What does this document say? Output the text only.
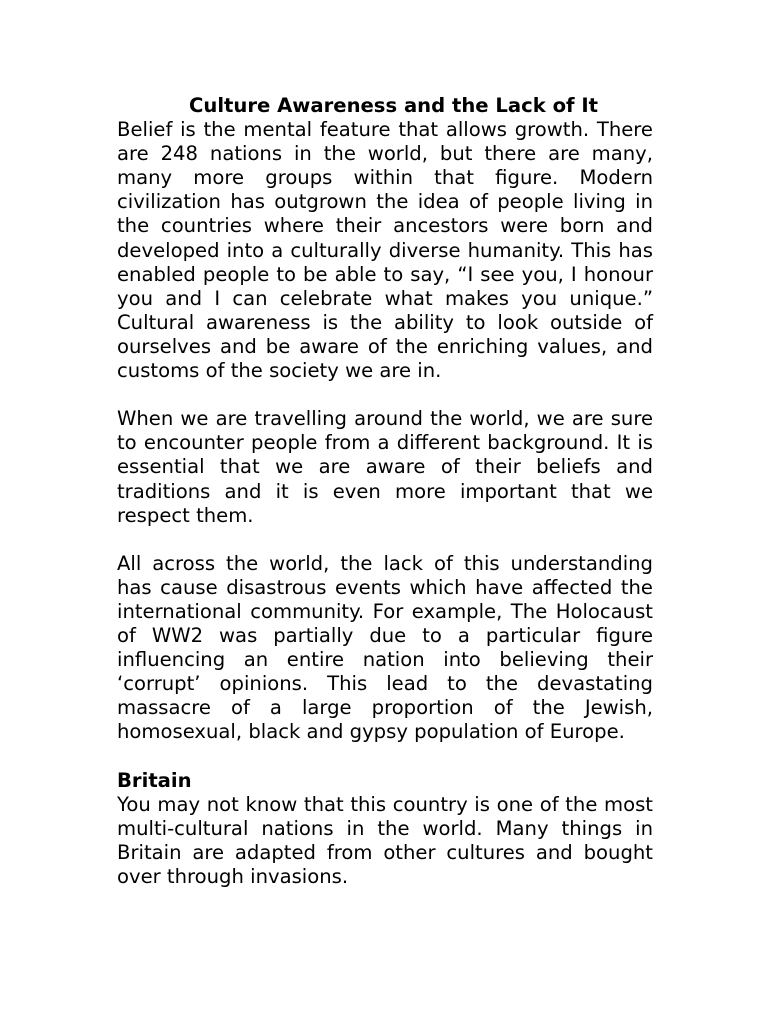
Culture Awareness and the Lack of It

Belief is the mental feature that allows growth. There are 248 nations in the world, but there are many, many more groups within that figure. Modern civilization has outgrown the idea of people living in the countries where their ancestors were born and developed into a culturally diverse humanity. This has enabled people to be able to say, “I see you, I honour you and I can celebrate what makes you unique.” Cultural awareness is the ability to look outside of ourselves and be aware of the enriching values, and customs of the society we are in.

When we are travelling around the world, we are sure to encounter people from a different background. It is essential that we are aware of their beliefs and traditions and it is even more important that we respect them.

All across the world, the lack of this understanding has cause disastrous events which have affected the international community. For example, The Holocaust of WW2 was partially due to a particular figure influencing an entire nation into believing their ‘corrupt’ opinions. This lead to the devastating massacre of a large proportion of the Jewish, homosexual, black and gypsy population of Europe.

Britain

You may not know that this country is one of the most multi-cultural nations in the world. Many things in Britain are adapted from other cultures and bought over through invasions.
